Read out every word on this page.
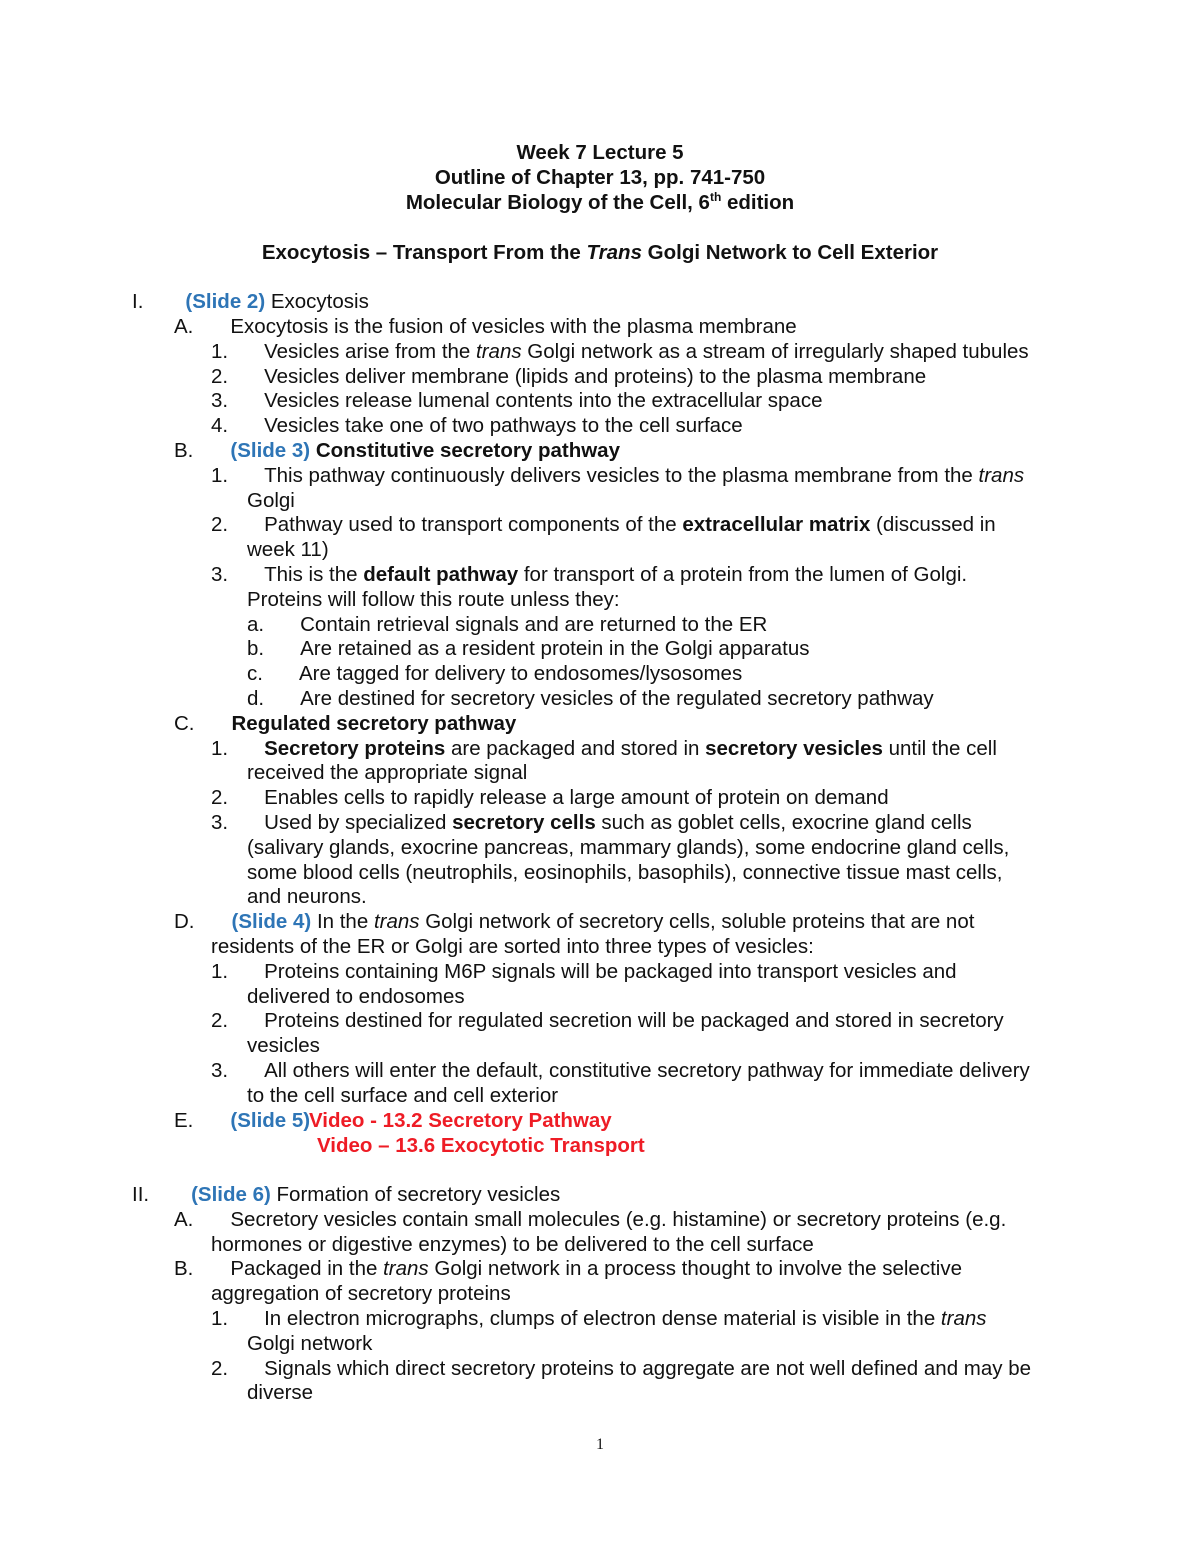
Week 7 Lecture 5
Outline of Chapter 13, pp. 741-750
Molecular Biology of the Cell, 6th edition
Exocytosis – Transport From the Trans Golgi Network to Cell Exterior
I. (Slide 2) Exocytosis
A. Exocytosis is the fusion of vesicles with the plasma membrane
1. Vesicles arise from the trans Golgi network as a stream of irregularly shaped tubules
2. Vesicles deliver membrane (lipids and proteins) to the plasma membrane
3. Vesicles release lumenal contents into the extracellular space
4. Vesicles take one of two pathways to the cell surface
B. (Slide 3) Constitutive secretory pathway
1. This pathway continuously delivers vesicles to the plasma membrane from the trans
Golgi
2. Pathway used to transport components of the extracellular matrix (discussed in
week 11)
3. This is the default pathway for transport of a protein from the lumen of Golgi.
Proteins will follow this route unless they:
a. Contain retrieval signals and are returned to the ER
b. Are retained as a resident protein in the Golgi apparatus
c. Are tagged for delivery to endosomes/lysosomes
d. Are destined for secretory vesicles of the regulated secretory pathway
C. Regulated secretory pathway
1. Secretory proteins are packaged and stored in secretory vesicles until the cell
received the appropriate signal
2. Enables cells to rapidly release a large amount of protein on demand
3. Used by specialized secretory cells such as goblet cells, exocrine gland cells
(salivary glands, exocrine pancreas, mammary glands), some endocrine gland cells,
some blood cells (neutrophils, eosinophils, basophils), connective tissue mast cells,
and neurons.
D. (Slide 4) In the trans Golgi network of secretory cells, soluble proteins that are not
residents of the ER or Golgi are sorted into three types of vesicles:
1. Proteins containing M6P signals will be packaged into transport vesicles and
delivered to endosomes
2. Proteins destined for regulated secretion will be packaged and stored in secretory
vesicles
3. All others will enter the default, constitutive secretory pathway for immediate delivery
to the cell surface and cell exterior
E. (Slide 5)
Video - 13.2 Secretory Pathway
Video – 13.6 Exocytotic Transport
II. (Slide 6) Formation of secretory vesicles
A. Secretory vesicles contain small molecules (e.g. histamine) or secretory proteins (e.g.
hormones or digestive enzymes) to be delivered to the cell surface
B. Packaged in the trans Golgi network in a process thought to involve the selective
aggregation of secretory proteins
1. In electron micrographs, clumps of electron dense material is visible in the trans
Golgi network
2. Signals which direct secretory proteins to aggregate are not well defined and may be
diverse
1
